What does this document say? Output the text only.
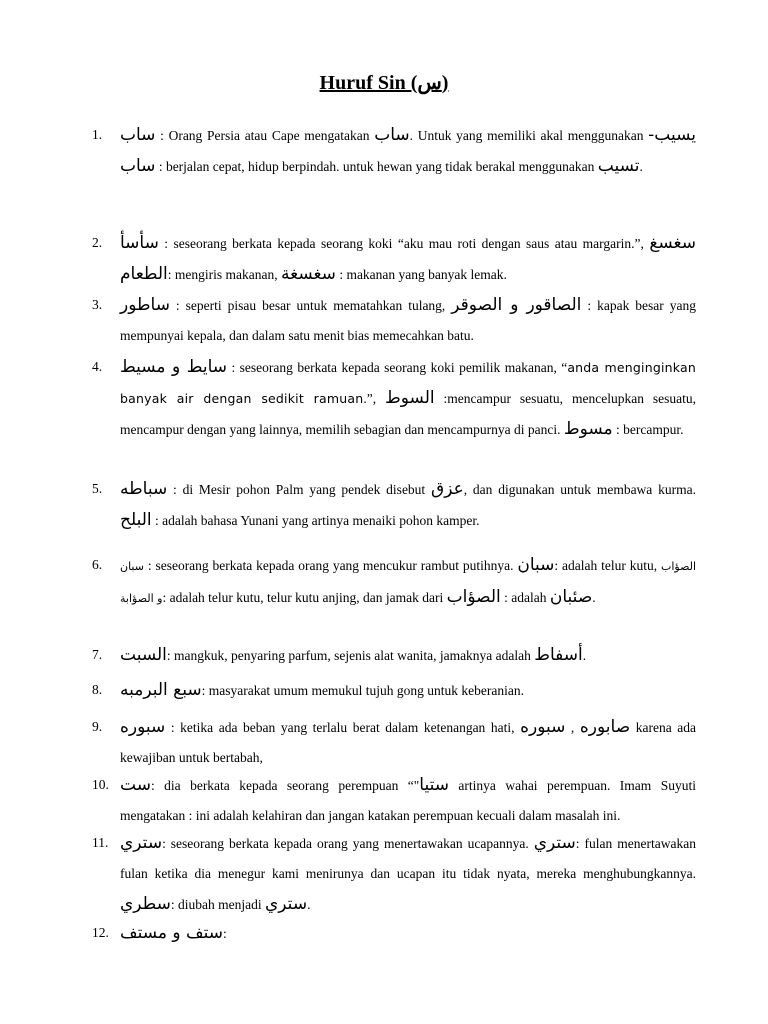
Huruf Sin (س)
1.	ساب : Orang Persia atau Cape mengatakan ساب. Untuk yang memiliki akal menggunakan يسيب-ساب : berjalan cepat, hidup berpindah. untuk hewan yang tidak berakal menggunakan تسيب.
2.	سأسأ : seseorang berkata kepada seorang koki “aku mau roti dengan saus atau margarin.”, سغسغ الطعام: mengiris makanan, سغسغة : makanan yang banyak lemak.
3.	ساطور : seperti pisau besar untuk mematahkan tulang, الصاقور و الصوقر : kapak besar yang mempunyai kepala, dan dalam satu menit bias memecahkan batu.
4.	سايط و مسيط : seseorang berkata kepada seorang koki pemilik makanan, “anda menginginkan banyak air dengan sedikit ramuan.”, السوط :mencampur sesuatu, mencelupkan sesuatu, mencampur dengan yang lainnya, memilih sebagian dan mencampurnya di panci. مسوط : bercampur.
5.	سباطه : di Mesir pohon Palm yang pendek disebut عزق, dan digunakan untuk membawa kurma. البلح : adalah bahasa Yunani yang artinya menaiki pohon kamper.
6.	سبان : seseorang berkata kepada orang yang mencukur rambut putihnya. سبان: adalah telur kutu, الصؤاب و الصؤابة: adalah telur kutu, telur kutu anjing, dan jamak dari الصؤاب : adalah صئبان.
7.	السبت: mangkuk, penyaring parfum, sejenis alat wanita, jamaknya adalah أسفاط.
8.	سبع البرمبه: masyarakat umum memukul tujuh gong untuk keberanian.
9.	سبوره : ketika ada beban yang terlalu berat dalam ketenangan hati, سبوره , صابوره karena ada kewajiban untuk bertabah,
10. ست: dia berkata kepada seorang perempuan “"ستيا artinya wahai perempuan. Imam Suyuti mengatakan : ini adalah kelahiran dan jangan katakan perempuan kecuali dalam masalah ini.
11. ستري: seseorang berkata kepada orang yang menertawakan ucapannya. ستري: fulan menertawakan fulan ketika dia menegur kami menirunya dan ucapan itu tidak nyata, mereka menghubungkannya. سطري: diubah menjadi ستري.
12. ستف و مستف:
